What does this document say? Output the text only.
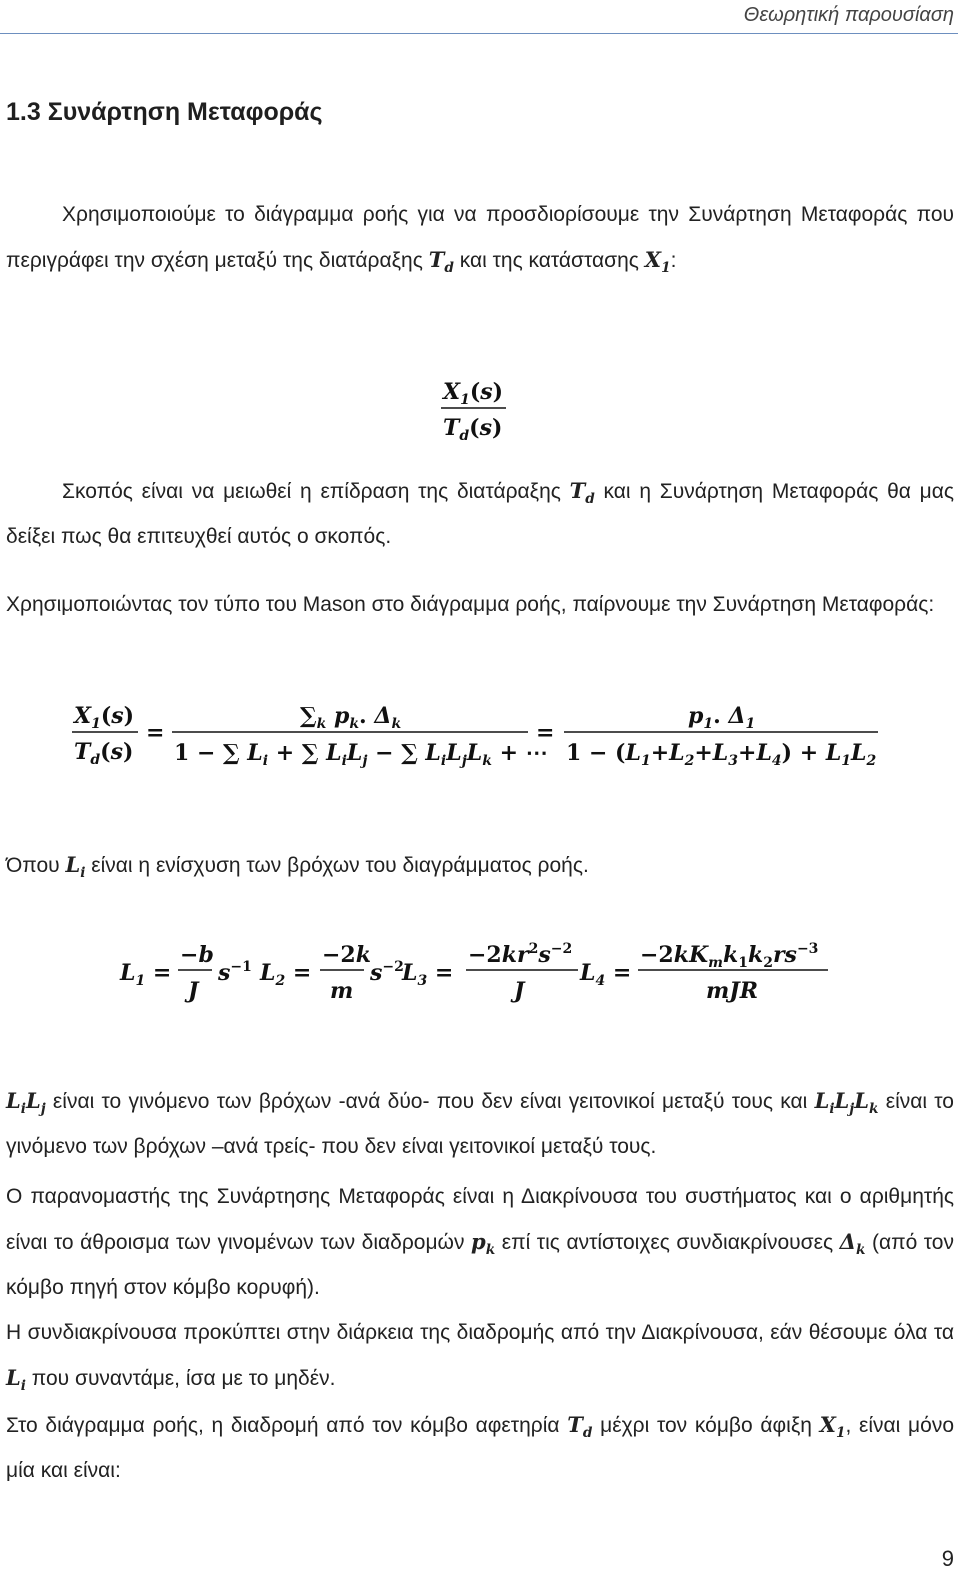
Θεωρητική παρουσίαση
1.3 Συνάρτηση Μεταφοράς
Χρησιμοποιούμε το διάγραμμα ροής για να προσδιορίσουμε την Συνάρτηση Μεταφοράς που περιγράφει την σχέση μεταξύ της διατάραξης $T_d$ και της κατάστασης $X_1$:
$X_1(s)$
$T_d(s)$
Σκοπός είναι να μειωθεί η επίδραση της διατάραξης $T_d$ και η Συνάρτηση Μεταφοράς θα μας δείξει πως θα επιτευχθεί αυτός ο σκοπός.
Χρησιμοποιώντας τον τύπο του Mason στο διάγραμμα ροής, παίρνουμε την Συνάρτηση Μεταφοράς:
$X_1(s)$
$T_d(s)$
=
$\sum_k$ $p_k$. $\Delta_k$
1 − ∑ $L_i$ + ∑ $L_iL_j$ − ∑ $L_iL_jL_k$ + ⋯
=
$p_1$. $\Delta_1$
$1 - (L_1+L_2+L_3+L_4) + L_1L_2$
Όπου $L_i$ είναι η ενίσχυση των βρόχων του διαγράμματος ροής.
$L_1$ =
−b
J
$s^{-1}$ $L_2$ =
−2k
m
$s^{-2}$
$L_3$ =
$-2kr^2s^{-2}$
J
$L_4$ =
$-2kK_mk_1k_2rs^{-3}$
mJR
$L_iL_j$ είναι το γινόμενο των βρόχων -ανά δύο- που δεν είναι γειτονικοί μεταξύ τους και $L_iL_jL_k$ είναι το γινόμενο των βρόχων –ανά τρείς- που δεν είναι γειτονικοί μεταξύ τους.
Ο παρανομαστής της Συνάρτησης Μεταφοράς είναι η Διακρίνουσα του συστήματος και ο αριθμητής είναι το άθροισμα των γινομένων των διαδρομών $p_k$ επί τις αντίστοιχες συνδιακρίνουσες $\Delta_k$ (από τον κόμβο πηγή στον κόμβο κορυφή).
Η συνδιακρίνουσα προκύπτει στην διάρκεια της διαδρομής από την Διακρίνουσα, εάν θέσουμε όλα τα $L_i$ που συναντάμε, ίσα με το μηδέν.
Στο διάγραμμα ροής, η διαδρομή από τον κόμβο αφετηρία $T_d$ μέχρι τον κόμβο άφιξη $X_1$, είναι μόνο μία και είναι:
9
